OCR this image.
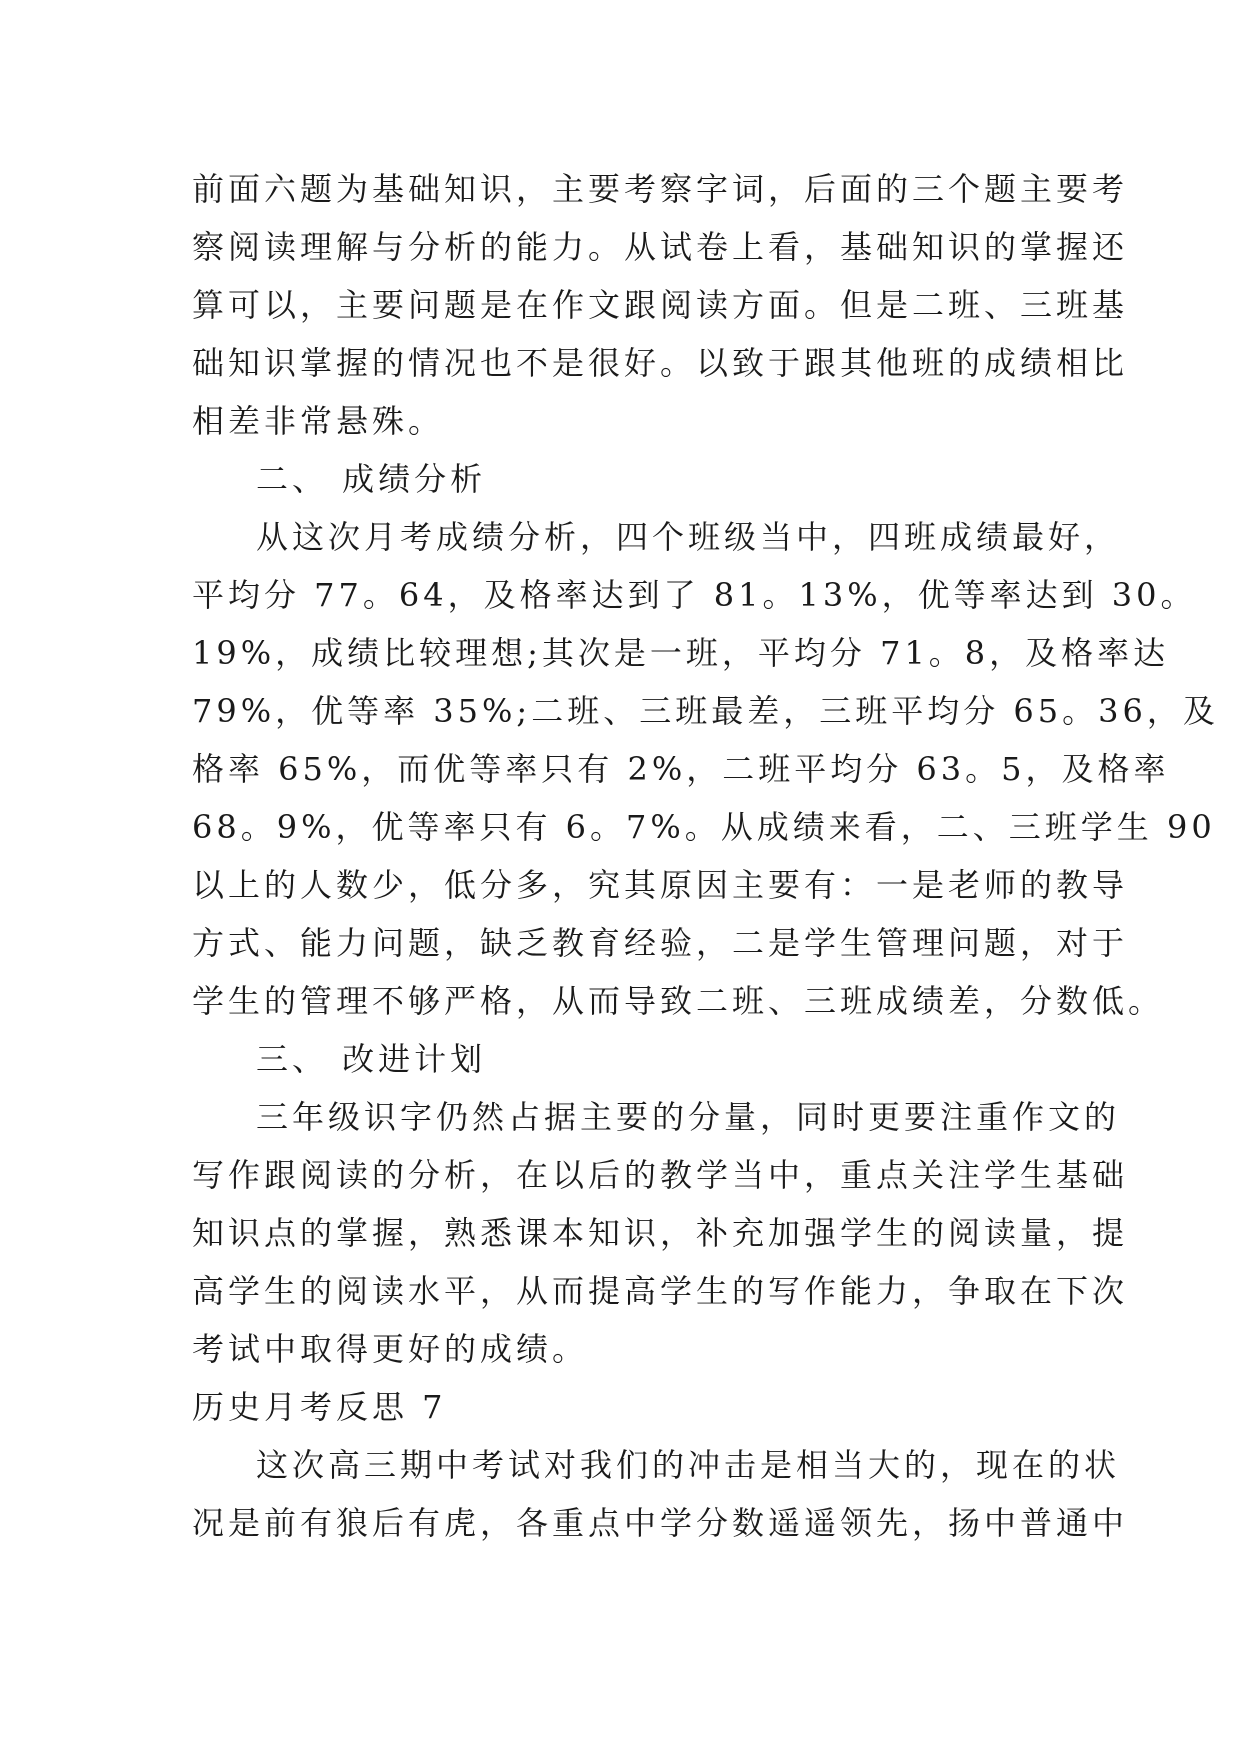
前面六题为基础知识，主要考察字词，后面的三个题主要考
察阅读理解与分析的能力。从试卷上看，基础知识的掌握还
算可以，主要问题是在作文跟阅读方面。但是二班、三班基
础知识掌握的情况也不是很好。以致于跟其他班的成绩相比
相差非常悬殊。
二、 成绩分析
从这次月考成绩分析，四个班级当中，四班成绩最好，
平均分 77。64，及格率达到了 81。13%，优等率达到 30。
19%，成绩比较理想;其次是一班，平均分 71。8，及格率达
79%，优等率 35%;二班、三班最差，三班平均分 65。36，及
格率 65%，而优等率只有 2%，二班平均分 63。5，及格率
68。9%，优等率只有 6。7%。从成绩来看，二、三班学生 90
以上的人数少，低分多，究其原因主要有：一是老师的教导
方式、能力问题，缺乏教育经验，二是学生管理问题，对于
学生的管理不够严格，从而导致二班、三班成绩差，分数低。
三、 改进计划
三年级识字仍然占据主要的分量，同时更要注重作文的
写作跟阅读的分析，在以后的教学当中，重点关注学生基础
知识点的掌握，熟悉课本知识，补充加强学生的阅读量，提
高学生的阅读水平，从而提高学生的写作能力，争取在下次
考试中取得更好的成绩。
历史月考反思 7
这次高三期中考试对我们的冲击是相当大的，现在的状
况是前有狼后有虎，各重点中学分数遥遥领先，扬中普通中
